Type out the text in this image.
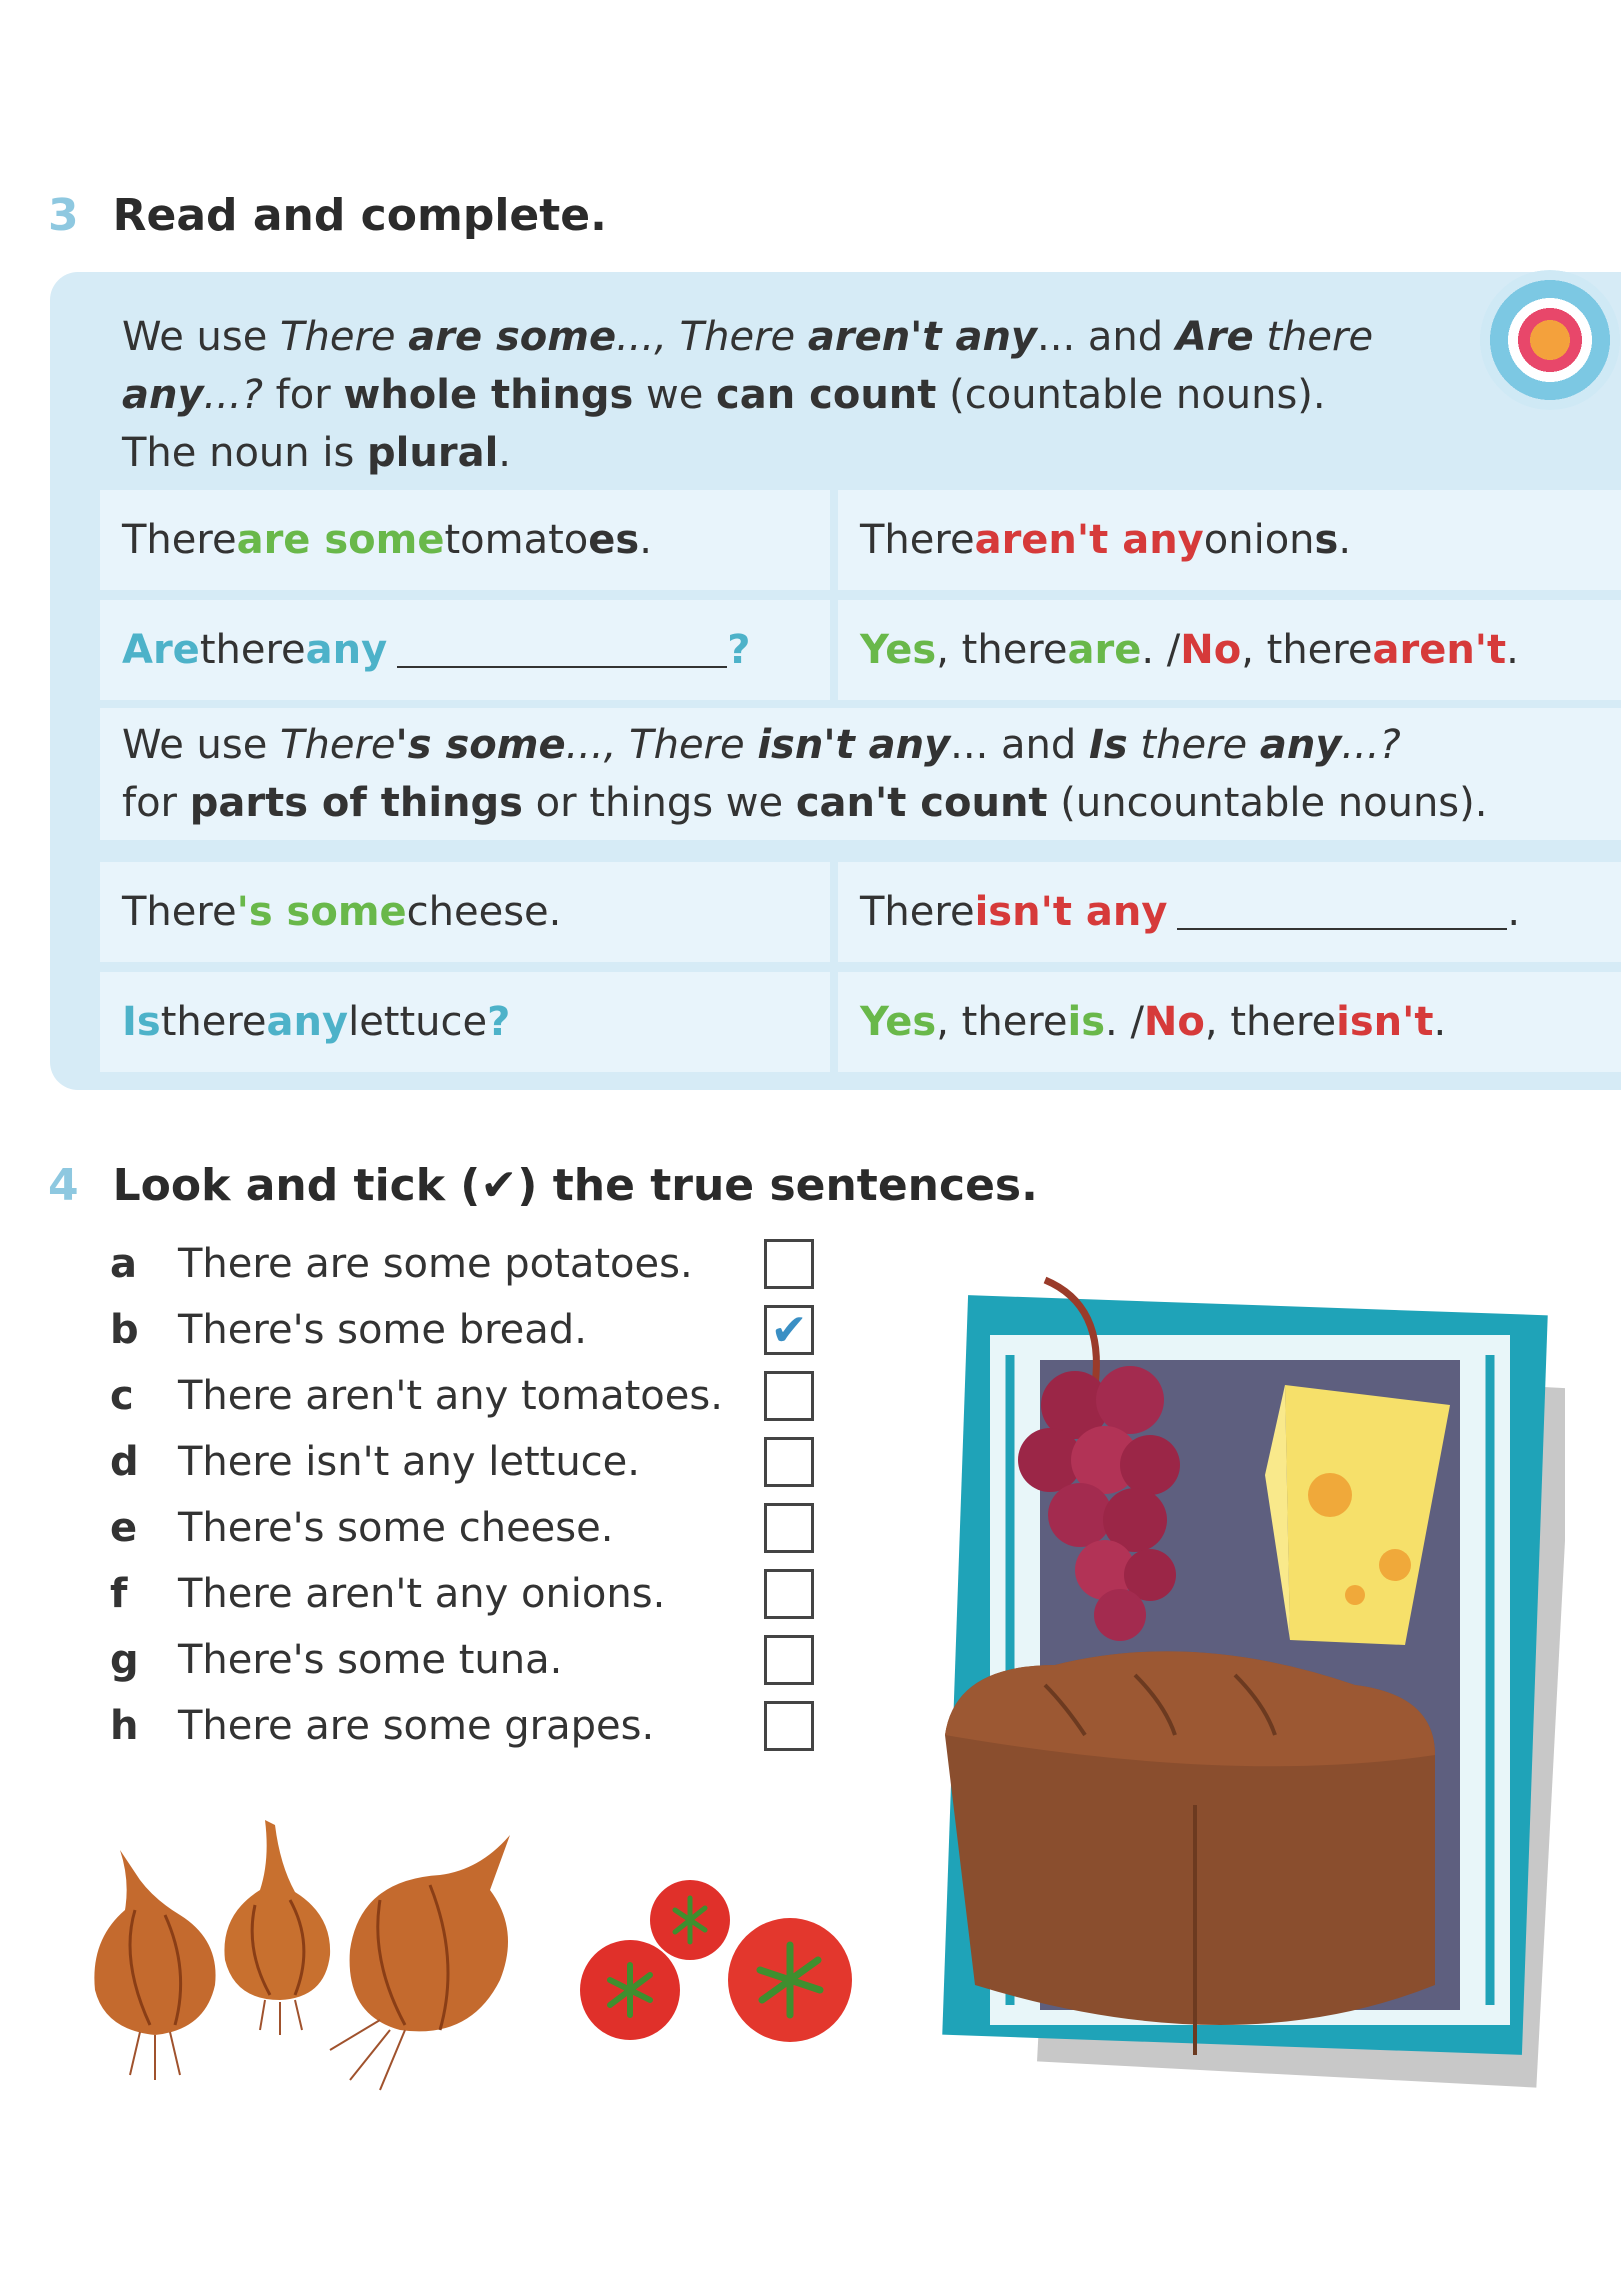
3 Read and complete.
We use There are some..., There aren't any... and Are there
any...? for whole things we can count (countable nouns).
The noun is plural.
There are some tomato es .	There aren't any onion s .
Are there any	?	Yes , there are . / No , there aren't .
We use There's some..., There isn't any... and Is there any...?
for parts of things or things we can't count (uncountable nouns).
There 's some cheese.	There isn't any	.
Is there any lettuce ?	Yes , there is . / No , there isn't .
4 Look and tick (✔) the true sentences.
a	There are some potatoes.
b There's some bread.	✔
c	There aren't any tomatoes.
d There isn't any lettuce.
e	There's some cheese.
f	There aren't any onions.
g There's some tuna.
h There are some grapes.
